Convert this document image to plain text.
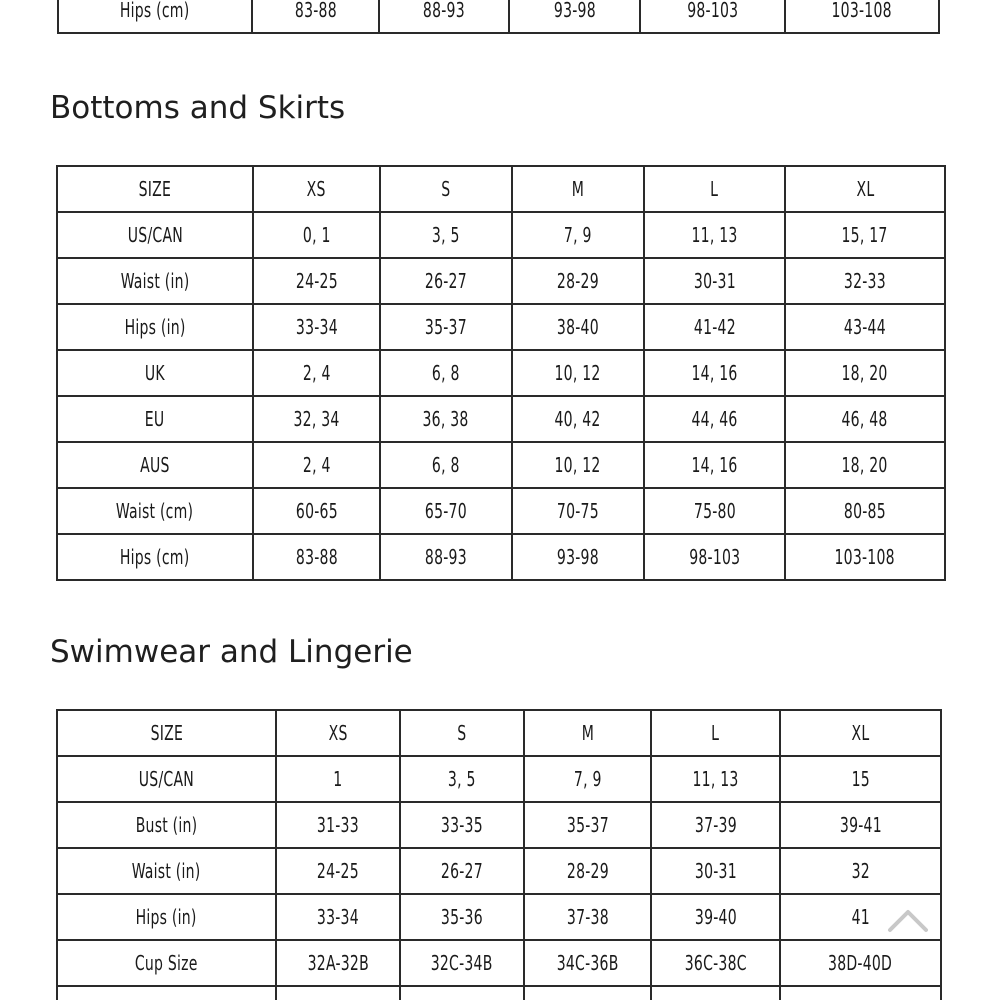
Hips (cm)	83-88	88-93	93-98	98-103	103-108
Bottoms and Skirts
SIZE	XS	S	M	L	XL
US/CAN	0, 1	3, 5	7, 9	11, 13	15, 17
Waist (in)	24-25	26-27	28-29	30-31	32-33
Hips (in)	33-34	35-37	38-40	41-42	43-44
UK	2, 4	6, 8	10, 12	14, 16	18, 20
EU	32, 34	36, 38	40, 42	44, 46	46, 48
AUS	2, 4	6, 8	10, 12	14, 16	18, 20
Waist (cm)	60-65	65-70	70-75	75-80	80-85
Hips (cm)	83-88	88-93	93-98	98-103	103-108
Swimwear and Lingerie
SIZE	XS	S	M	L	XL
US/CAN	1	3, 5	7, 9	11, 13	15
Bust (in)	31-33	33-35	35-37	37-39	39-41
Waist (in)	24-25	26-27	28-29	30-31	32
Hips (in)	33-34	35-36	37-38	39-40	41
Cup Size	32A-32B	32C-34B	34C-36B	36C-38C	38D-40D
